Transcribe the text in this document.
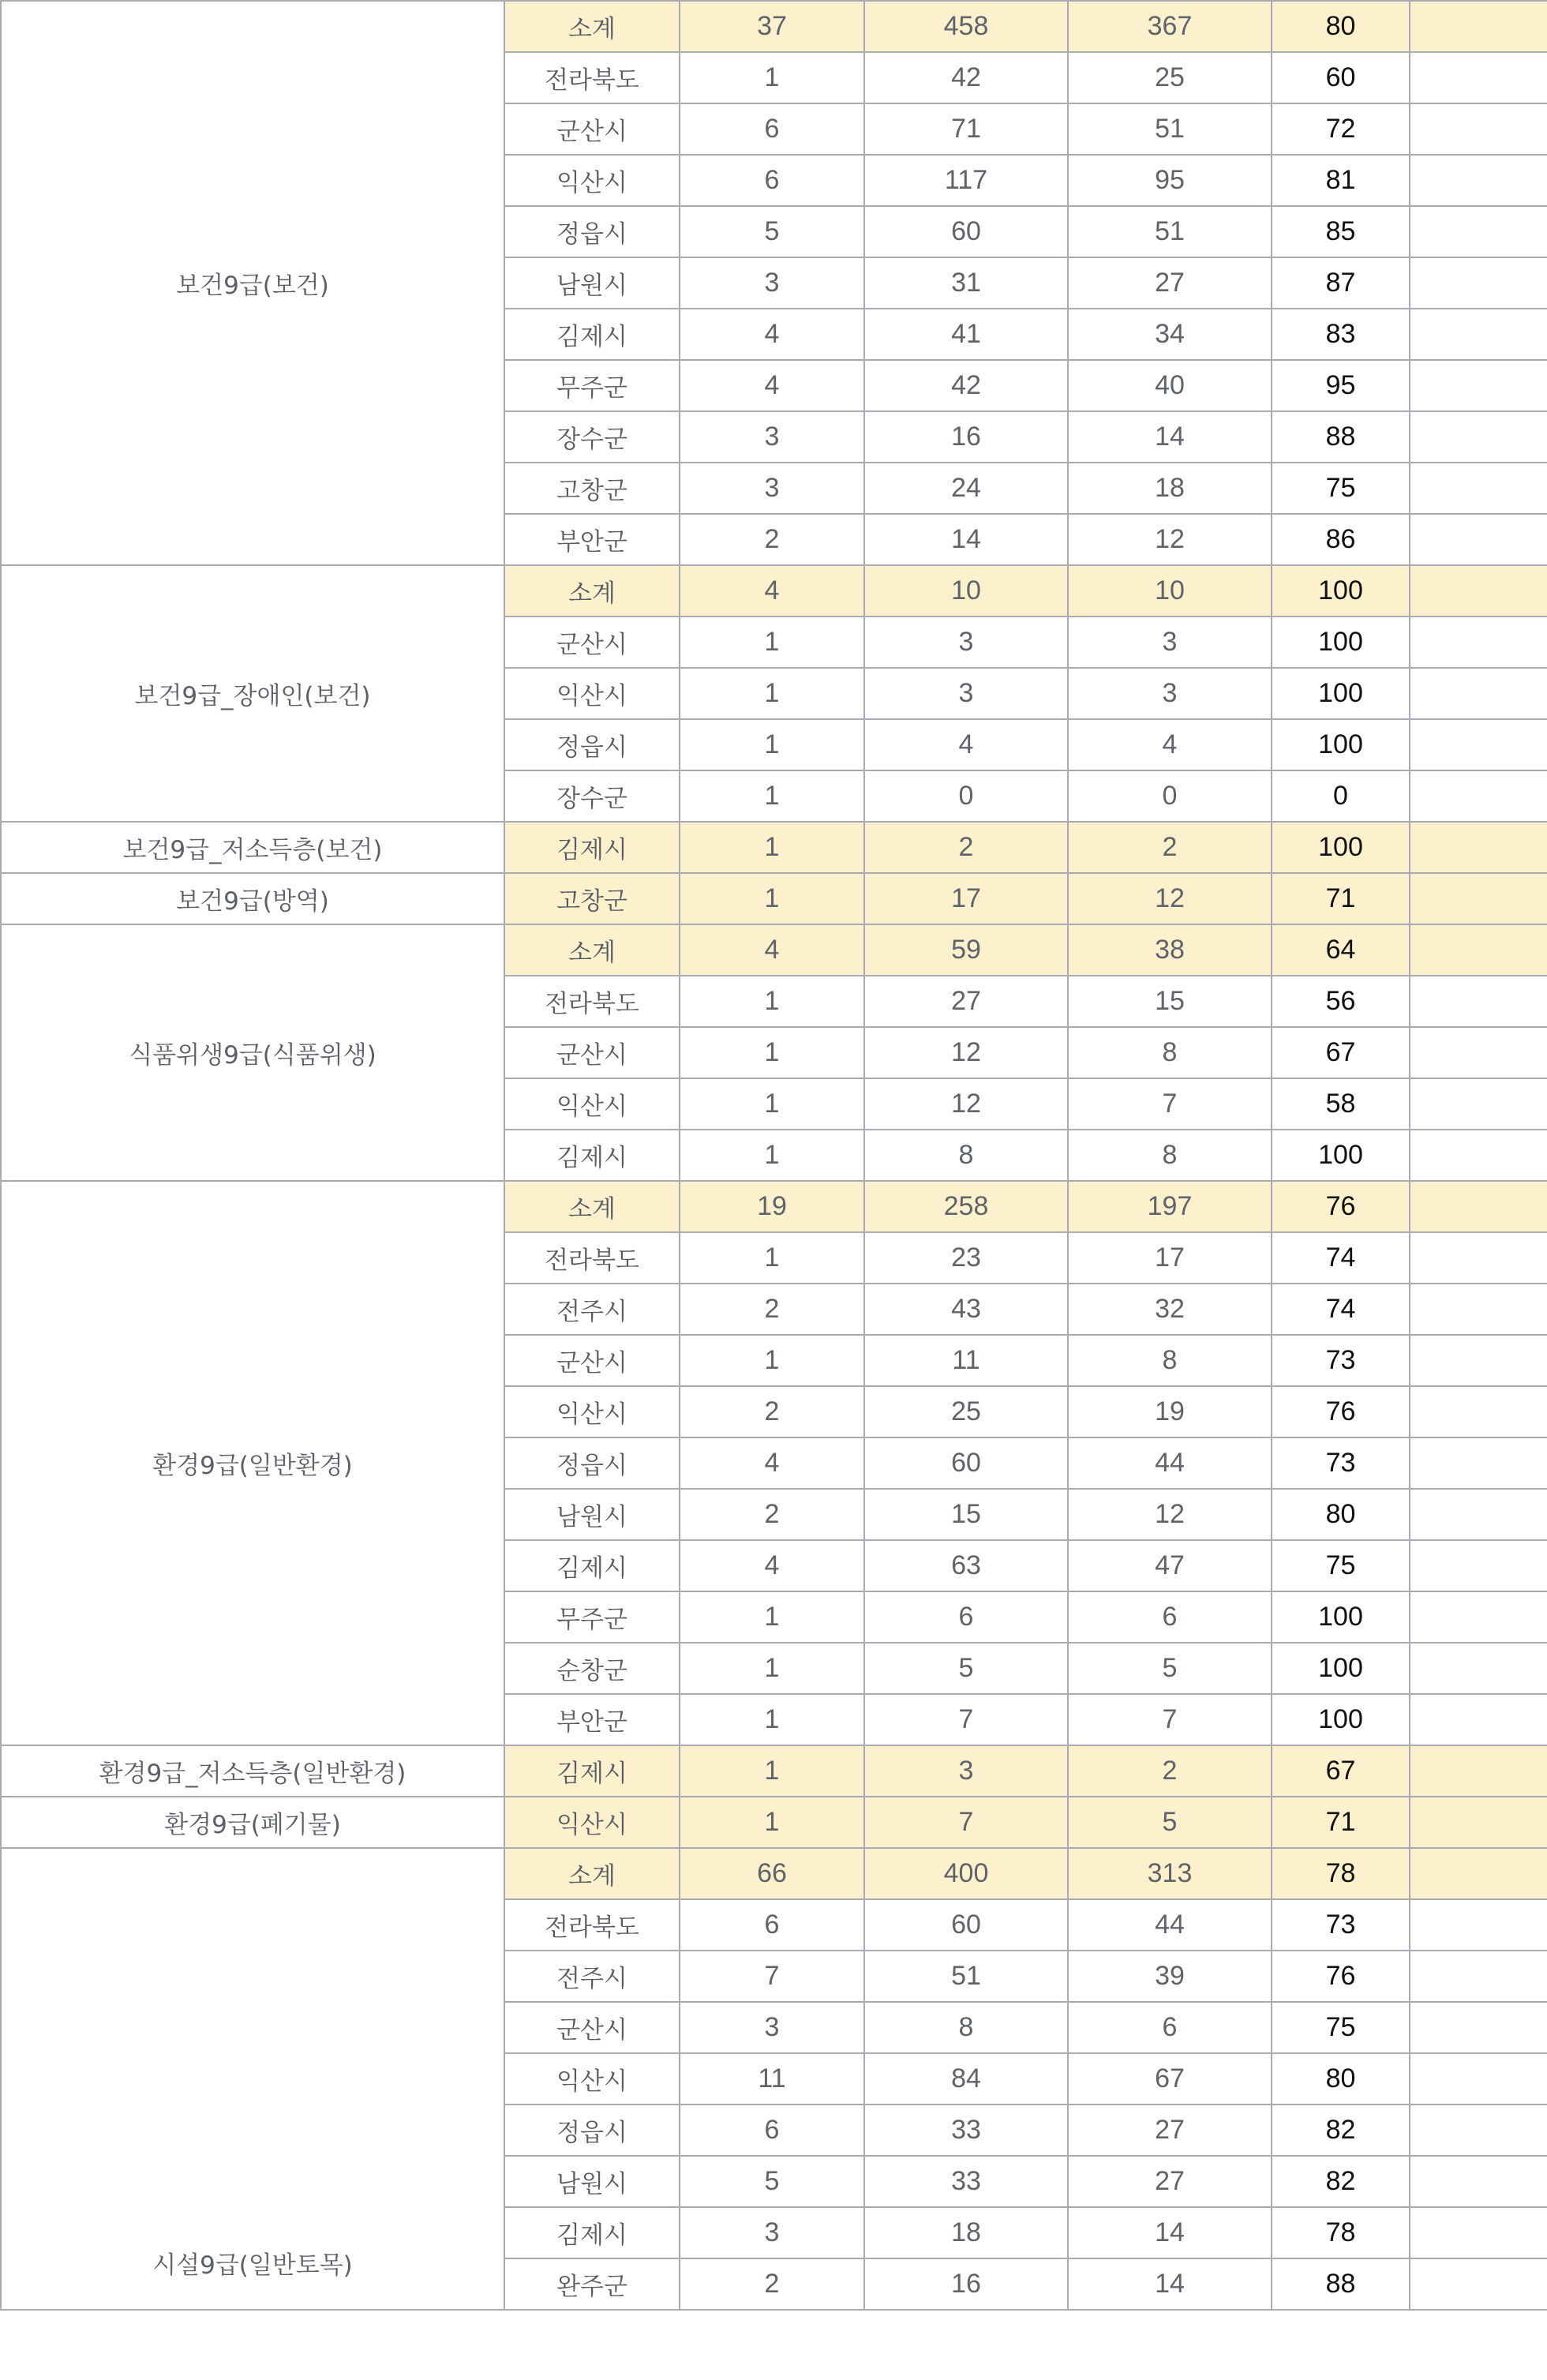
보건9급(보건)	소계	37	458	367	80		
	전라북도	1	42	25	60		
	군산시	6	71	51	72		
	익산시	6	117	95	81		
	정읍시	5	60	51	85		
	남원시	3	31	27	87		
	김제시	4	41	34	83		
	무주군	4	42	40	95		
	장수군	3	16	14	88		
	고창군	3	24	18	75		
	부안군	2	14	12	86		
보건9급_장애인(보건)	소계	4	10	10	100		
	군산시	1	3	3	100		
	익산시	1	3	3	100		
	정읍시	1	4	4	100		
	장수군	1	0	0	0		
보건9급_저소득층(보건)	김제시	1	2	2	100		
보건9급(방역)	고창군	1	17	12	71		
식품위생9급(식품위생)	소계	4	59	38	64		
	전라북도	1	27	15	56		
	군산시	1	12	8	67		
	익산시	1	12	7	58		
	김제시	1	8	8	100		
환경9급(일반환경)	소계	19	258	197	76		
	전라북도	1	23	17	74		
	전주시	2	43	32	74		
	군산시	1	11	8	73		
	익산시	2	25	19	76		
	정읍시	4	60	44	73		
	남원시	2	15	12	80		
	김제시	4	63	47	75		
	무주군	1	6	6	100		
	순창군	1	5	5	100		
	부안군	1	7	7	100		
환경9급_저소득층(일반환경)	김제시	1	3	2	67		
환경9급(폐기물)	익산시	1	7	5	71		
시설9급(일반토목)	소계	66	400	313	78		
	전라북도	6	60	44	73		
	전주시	7	51	39	76		
	군산시	3	8	6	75		
	익산시	11	84	67	80		
	정읍시	6	33	27	82		
	남원시	5	33	27	82		
	김제시	3	18	14	78		
	완주군	2	16	14	88		
